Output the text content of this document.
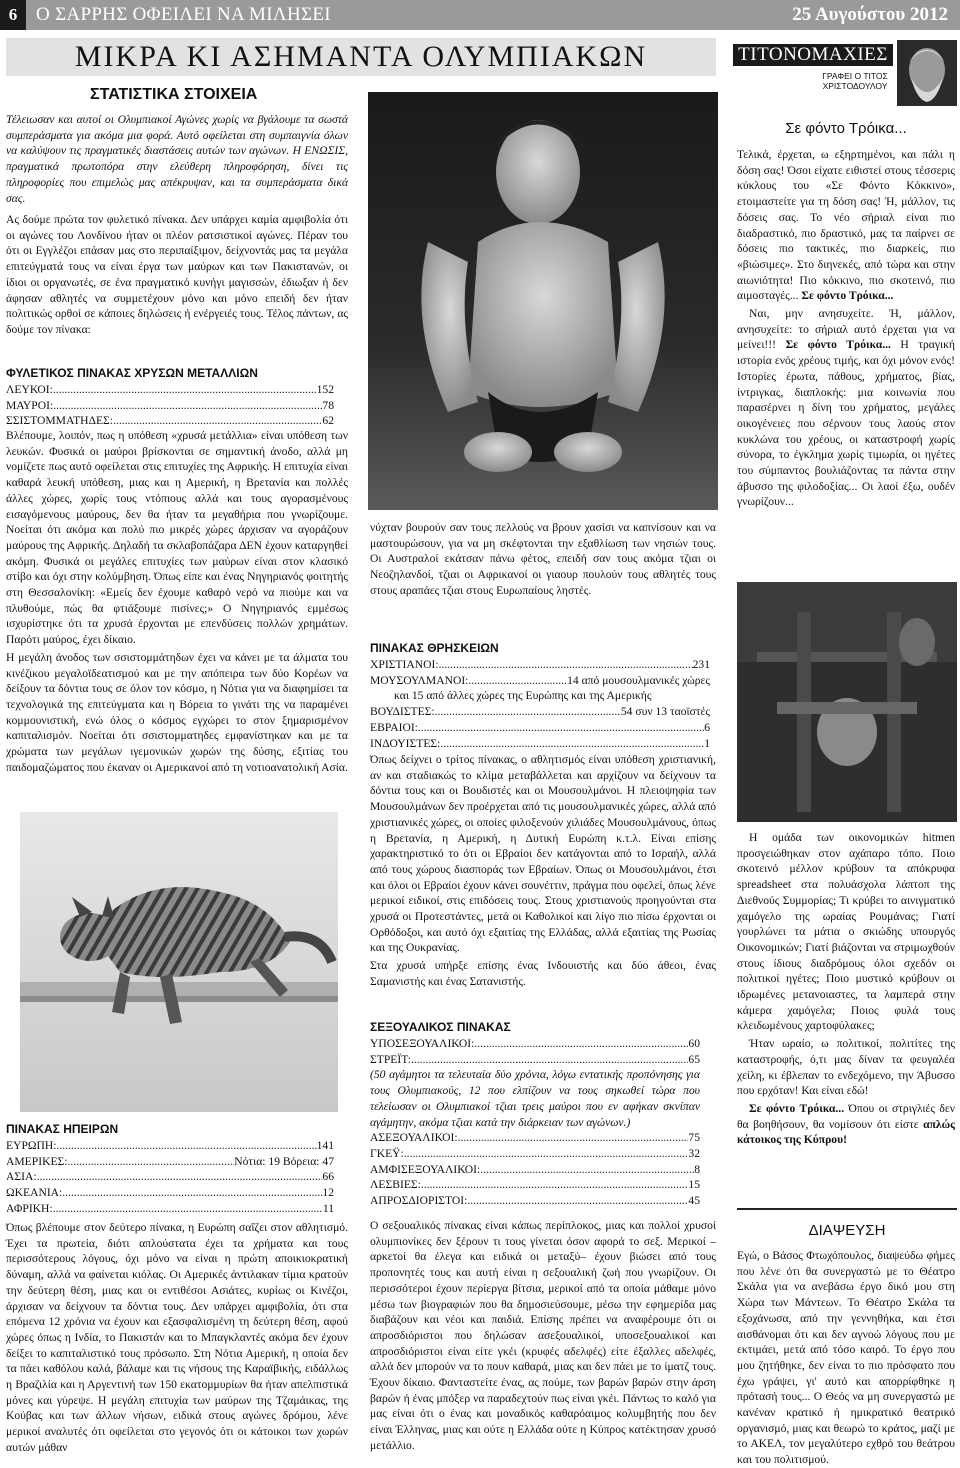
6 Ο ΣΑΡΡΗΣ ΟΦΕΙΛΕΙ ΝΑ ΜΙΛΗΣΕΙ	25 Αυγούστου 2012
ΜΙΚΡΑ ΚΙ ΑΣΗΜΑΝΤΑ ΟΛΥΜΠΙΑΚΩΝ
ΣΤΑΤΙΣΤΙΚΑ ΣΤΟΙΧΕΙΑ
Τέλειωσαν και αυτοί οι Ολυμπιακοί Αγώνες χωρίς να βγάλουμε τα σωστά συμπεράσματα για ακόμα μια φορά. Αυτό οφείλεται στη συμπαιγνία όλων να καλύψουν τις πραγματικές διαστάσεις αυτών των αγώνων. Η ΕΝΩΣΙΣ, πραγματικά πρωτοπόρα στην ελεύθερη πληροφόρηση, δίνει τις πληροφορίες που επιμελώς μας απέκρυψαν, και τα συμπεράσματα δικά σας.
Ας δούμε πρώτα τον φυλετικό πίνακα. Δεν υπάρχει καμία αμφιβολία ότι οι αγώνες του Λονδίνου ήταν οι πλέον ρατσιστικοί αγώνες. Πέραν του ότι οι Εγγλέζοι επάσαν μας στο περιπαίξιμον, δείχνοντάς μας τα μεγάλα επιτεύγματά τους να είναι έργα των μαύρων και των Πακιστανών, οι ίδιοι οι οργανωτές, σε ένα πραγματικό κυνήγι μαγισσών, έδιωξαν ή δεν άφησαν αθλητές να συμμετέχουν μόνο και μόνο επειδή δεν ήταν πολιτικώς ορθοί σε κάποιες δηλώσεις ή ενέργειές τους. Τέλος πάντων, ας δούμε τον πίνακα:
ΦΥΛΕΤΙΚΟΣ ΠΙΝΑΚΑΣ ΧΡΥΣΩΝ ΜΕΤΑΛΛΙΩΝ
ΛΕΥΚΟΙ: .....	152
ΜΑΥΡΟΙ: .....	78
ΣΣΙΣΤΟΜΜΑΤΗΔΕΣ: .....	62

Βλέπουμε, λοιπόν, πως η υπόθεση «χρυσά μετάλλια» είναι υπόθεση των λευκών. Φυσικά οι μαύροι βρίσκονται σε σημαντική άνοδο, αλλά μη νομίζετε πως αυτό οφείλεται στις επιτυχίες της Αφρικής. Η επιτυχία είναι καθαρά λευκή υπόθεση, μιας και η Αμερική, η Βρετανία και πολλές άλλες χώρες, χωρίς τους ντόπιους αλλά και τους αγορασμένους εισαγόμενους μαύρους, δεν θα ήταν τα μεγαθήρια που γνωρίζουμε. Νοείται ότι ακόμα και πολύ πιο μικρές χώρες άρχισαν να αγοράζουν μαύρους της Αφρικής. Δηλαδή τα σκλαβοπάζαρα ΔΕΝ έχουν καταργηθεί ακόμη. Φυσικά οι μεγάλες επιτυχίες των μαύρων είναι στον κλασικό στίβο και όχι στην κολύμβηση. Όπως είπε και ένας Νηγηριανός φοιτητής στη Θεσσαλονίκη: «Εμείς δεν έχουμε καθαρό νερό να πιούμε και να πλυθούμε, πώς θα φτιάξουμε πισίνες;» Ο Νηγηριανός εμμέσως ισχυρίστηκε ότι τα χρυσά έρχονται με επενδύσεις πολλών χρημάτων. Παρότι μαύρος, έχει δίκαιο.

Η μεγάλη άνοδος των σσιστομμάτηδων έχει να κάνει με τα άλματα του κινέζικου μεγαλοϊδεατισμού και με την απόπειρα των δύο Κορέων να δείξουν τα δόντια τους σε όλον τον κόσμο, η Νότια για να διαφημίσει τα τεχνολογικά της επιτεύγματα και η Βόρεια το γινάτι της να παραμένει κομμουνιστική, ενώ όλος ο κόσμος εγχώρει το στον ξημαρισμένον καπιταλισμόν. Νοείται ότι σσιστομματηδες εμφανίστηκαν και με τα χρώματα των μεγάλων ιγεμονικών χωρών της δύσης, εξιτίας του παιδομαζώματος που έκαναν οι Αμερικανοί από τη νοτιοανατολική Ασία.

ΠΙΝΑΚΑΣ ΗΠΕΙΡΩΝ
ΕΥΡΩΠΗ: .....	141
ΑΜΕΡΙΚΕΣ: .....	Νότια: 19 Βόρεια: 47
ΑΣΙΑ: .....	66
ΩΚΕΑΝΙΑ: .....	12
ΑΦΡΙΚΗ: .....	11
Όπως βλέπουμε στον δεύτερο πίνακα, η Ευρώπη σαΐζει στον αθλητισμό. Έχει τα πρωτεία, διότι απλούστατα έχει τα χρήματα και τους περισσότερους λόγους, όχι μόνο να είναι η πρώτη αποικιοκρατική δύναμη, αλλά να φαίνεται κιόλας. Οι Αμερικές άντιλακαν τίμια κρατούν την δεύτερη θέση, μιας και οι εντιθέσοι Ασιάτες, κυρίως οι Κινέζοι, άρχισαν να δείχνουν τα δόντια τους. Δεν υπάρχει αμφιβολία, ότι στα επόμενα 12 χρόνια να έχουν και εξασφαλισμένη τη δεύτερη θέση, αφού χώρες όπως η Ινδία, το Πακιστάν και το Μπαγκλαντές ακόμα δεν έχουν δείξει το καπιταλιστικό τους πρόσωπο. Στη Νότια Αμερική, η οποία δεν τα πάει καθόλου καλά, βάλαμε και τις νήσους της Καραϊβικής, ειδάλλως η Βραζιλία και η Αργεντινή των 150 εκατομμυρίων θα ήταν απελπιστικά μόνες και γύρεψε. Η μεγάλη επιτυχία των μαύρων της Τζαμάικας, της Κούβας και των άλλων νήσων, ειδικά στους αγώνες δρόμου, λένε μερικοί αναλυτές ότι οφείλεται στο γεγονός ότι οι κάτοικοι των χωρών αυτών μάθαν
νύχταν βουρούν σαν τους πελλούς να βρουν χασίσι να καπνίσουν και να μαστουρώσουν, για να μη σκέφτονται την εξαθλίωση των νησιών τους. Οι Αυστραλοί εκάτσαν πάνω φέτος, επειδή σαν τους ακόμα τζιαι οι Νεοζηλανδοί, τζιαι οι Αφρικανοί οι γιαουρ πουλούν τους αθλητές τους στους αραπάες τζιαι στους Ευρωπαίους ληστές.
ΠΙΝΑΚΑΣ ΘΡΗΣΚΕΙΩΝ
ΧΡΙΣΤΙΑΝΟΙ: .....	231
ΜΟΥΣΟΥΛΜΑΝΟΙ: .....	14 από μουσουλμανικές χώρες
και 15 από άλλες χώρες της Ευρώπης και της Αμερικής
ΒΟΥΔΙΣΤΕΣ: .....	54 συν 13 ταοϊστές
ΕΒΡΑΙΟΙ: .....	6
ΙΝΔΟΥΙΣΤΕΣ: .....	1

Όπως δείχνει ο τρίτος πίνακας, ο αθλητισμός είναι υπόθεση χριστιανική, αν και σταδιακώς το κλίμα μεταβάλλεται και αρχίζουν να δείχνουν τα δόντια τους και οι Βουδιστές και οι Μουσουλμάνοι. Η πλειοψηφία των Μουσουλμάνων δεν προέρχεται από τις μουσουλμανικές χώρες, αλλά από χριστιανικές χώρες, οι οποίες φιλοξενούν χιλιάδες Μουσουλμάνους, όπως η Βρετανία, η Αμερική, η Δυτική Ευρώπη κ.τ.λ. Είναι επίσης χαρακτηριστικό το ότι οι Εβραίοι δεν κατάγονται από το Ισραήλ, αλλά από τους χώρους διασποράς των Εβραίων. Όπως οι Μουσουλμάνοι, έτσι και όλοι οι Εβραίοι έχουν κάνει σουνέττιν, πράγμα που οφελεί, όπως λένε μερικοί ειδικοί, στις επιδόσεις τους. Στους χριστιανούς προηγούνται στα χρυσά οι Προτεστάντες, μετά οι Καθολικοί και λίγο πιο πίσω έρχονται οι Ορθόδοξοι, και αυτό όχι εξαιτίας της Ελλάδας, αλλά εξαιτίας της Ρωσίας και της Ουκρανίας.

Στα χρυσά υπήρξε επίσης ένας Ινδουιστής και δύο άθεοι, ένας Σαμανιστής και ένας Σατανιστής.

ΣΕΞΟΥΑΛΙΚΟΣ ΠΙΝΑΚΑΣ
ΥΠΟΣΕΞΟΥΑΛΙΚΟΙ: .....	60
ΣΤΡΕΪΤ: .....	65
(50 αγάμητοι τα τελευταία δύο χρόνια, λόγω εντατικής προπόνησης για τους Ολυμπιακούς, 12 που ελπίζουν να τους σηκωθεί τώρα που τελείωσαν οι Ολυμπιακοί τζιαι τρεις μαύροι που εν αφήκαν σκνίπαν αγάμητην, ακόμα τζιαι κατά την διάρκειαν των αγώνων.)
ΑΣΕΞΟΥΑΛΙΚΟΙ: .....	75
ΓΚΕΫ: .....	32
ΑΜΦΙΣΕΞΟΥΑΛΙΚΟΙ: .....	8
ΛΕΣΒΙΕΣ: .....	15
ΑΠΡΟΣΔΙΟΡΙΣΤΟΙ: .....	45
Ο σεξουαλικός πίνακας είναι κάπως περίπλοκος, μιας και πολλοί χρυσοί ολυμπιονίκες δεν ξέρουν τι τους γίνεται όσον αφορά το σεξ. Μερικοί –αρκετοί θα έλεγα και ειδικά οι μεταξύ– έχουν βιώσει από τους προπονητές τους και αυτή είναι η σεξουαλική ζωή που γνωρίζουν. Οι περισσότεροι έχουν περίεργα βίτσια, μερικοί από τα οποία μάθαμε μόνο μέσω των βιογραφιών που θα δημοσιεύσουμε, μέσω την εφημερίδα μας διαβάζουν και νέοι και παιδιά. Επίσης πρέπει να αναφέρουμε ότι οι απροσδιόριστοι που δηλώσαν ασεξουαλικοί, υποσεξουαλικοί και απροσδιόριστοι είναι είτε γκέι (κρυφές αδελφές) είτε έξαλλες αδελφές, αλλά δεν μπορούν να το πουν καθαρά, μιας και δεν πάει με το ίματζ τους. Έχουν δίκαιο. Φανταστείτε ένας, ας πούμε, των βαρών βαρών στην άρση βαρών ή ένας μπόξερ να παραδεχτούν πως είναι γκέι. Πάντως το καλό για μας είναι ότι ο ένας και μοναδικός καθαρόαιμος κολυμβητής που δεν είναι Έλληνας, μιας και ούτε η Ελλάδα ούτε η Κύπρος κατέκτησαν χρυσό μετάλλιο.
ΤΙΤΟΝΟΜΑΧΙΕΣ
ΓΡΑΦΕΙ Ο ΤΙΤΟΣ ΧΡΙΣΤΟΔΟΥΛΟΥ
Σε φόντο Τρόικα...

Τελικά, έρχεται, ω εξηρτημένοι, και πάλι η δόση σας! Όσοι είχατε ειθιστεί στους τέσσερις κύκλους του «Σε Φόντο Κόκκινο», ετοιμαστείτε για τη δόση σας! Ή, μάλλον, τις δόσεις σας. Το νέο σήριαλ είναι πιο διαδραστικό, πιο δραστικό, μας τα παίρνει σε δόσεις πιο τακτικές, πιο διαρκείς, πιο «βιώσιμες». Στο διηνεκές, από τώρα και στην αιωνιότητα! Πιο κόκκινο, πιο σκοτεινό, πιο αιμοσταγές... Σε φόντο Τρόικα...

Ναι, μην ανησυχείτε. Ή, μάλλον, ανησυχείτε: το σήριαλ αυτό έρχεται για να μείνει!!! Σε φόντο Τρόικα... Η τραγική ιστορία ενός χρέους τιμής, και όχι μόνον ενός! Ιστορίες έρωτα, πάθους, χρήματος, βίας, ίντριγκας, διαπλοκής: μια κοινωνία που παρασέρνει η δίνη του χρήματος, μεγάλες οικογένειες που σέρνουν τους λαούς στον κυκλώνα του χρέους, οι καταστροφή χωρίς σύνορα, το έγκλημα χωρίς τιμωρία, οι ηγέτες του σύμπαντος βουλιάζοντας τα πάντα στην άβυσσο της φιλοδοξίας... Οι λαοί έξω, ουδέν γνωρίζουν...

Η ομάδα των οικονομικών hitmen προσγειώθηκαν στον αχάπαρο τόπο. Ποιο σκοτεινό μέλλον κρύβουν τα απόκρυφα spreadsheet στα πολυάσχολα λάπτοπ της Διεθνούς Συμμορίας; Τι κρύβει το αινιγματικό χαμόγελο της ωραίας Ρουμάνας; Γιατί γουρλώνει τα μάτια ο σκιώδης υπουργός Οικονομικών; Γιατί βιάζονται να στριμωχθούν στους ίδιους διαδρόμους όλοι σχεδόν οι πολιτικοί ηγέτες; Ποιο μυστικό κρύβουν οι ιδρωμένες μετανοιαστες, τα λαμπερά στην κάμερα χαμόγελα; Ποιος φυλά τους κλειδωμένους χαρτοφύλακες;

Ήταν ωραίο, ω πολιτικοί, πολιτίτες της καταστροφής, ό,τι μας δίναν τα φευγαλέα χείλη, κι έβλεπαν το ενδεχόμενο, την Άβυσσο που ερχόταν! Και είναι εδώ!

Σε φόντο Τρόικα... Όπου οι στριγλιές δεν θα βοηθήσουν, θα νομίσουν ότι είστε απλώς κάτοικος της Κύπρου!

ΔΙΑΨΕΥΣΗ
Εγώ, ο Βάσος Φτωχόπουλος, διαψεύδω φήμες που λένε ότι θα συνεργαστώ με το Θέατρο Σκάλα για να ανεβάσω έργο δικό μου στη Χώρα των Μάντεων. Το Θέατρο Σκάλα τα εξοχάνωσα, από την γεννηθήκα, και έτσι αισθάνομαι ότι και δεν αγνοώ λόγους που με εκτιμάει, μετά από τόσο καιρό. Το έργο που μου ζητήθηκε, δεν είναι το πιο πρόσφατο που έχω γράψει, γι' αυτό και απορρίφθηκε η πρότασή τους... Ο Θεός να μη συνεργαστώ με κανέναν κρατικό ή ημικρατικό θεατρικό οργανισμό, μιας και θεωρώ το κράτος, μαζί με το ΑΚΕΛ, τον μεγαλύτερο εχθρό του θεάτρου και του πολιτισμού.
